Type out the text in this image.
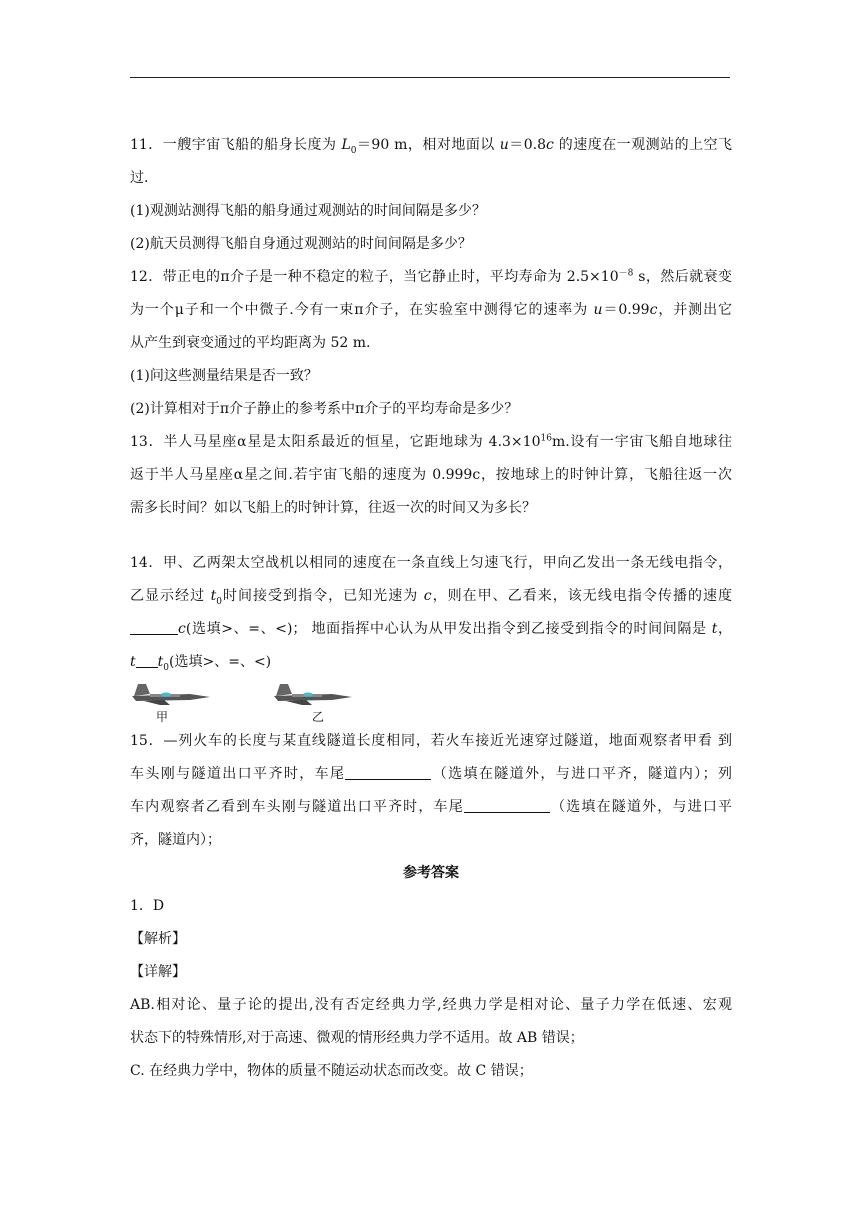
11．一艘宇宙飞船的船身长度为 $L_0=90$ m，相对地面以 u＝0.8c 的速度在一观测站的上空飞
过.
(1)观测站测得飞船的船身通过观测站的时间间隔是多少？
(2)航天员测得飞船自身通过观测站的时间间隔是多少？
12．带正电的π介子是一种不稳定的粒子，当它静止时，平均寿命为 $2.5\times 10^{-8}$ s，然后就衰变
为一个μ子和一个中微子.今有一束π介子，在实验室中测得它的速率为 u＝0.99c，并测出它
从产生到衰变通过的平均距离为 52 m.
(1)问这些测量结果是否一致？
(2)计算相对于π介子静止的参考系中π介子的平均寿命是多少？
13．半人马星座α星是太阳系最近的恒星，它距地球为 $4.3\times 10^{16}m$.设有一宇宙飞船自地球往
返于半人马星座α星之间.若宇宙飞船的速度为 0.999c，按地球上的时钟计算，飞船往返一次
需多长时间？如以飞船上的时钟计算，往返一次的时间又为多长？
14．甲、乙两架太空战机以相同的速度在一条直线上匀速飞行，甲向乙发出一条无线电指令，
乙显示经过 $t_0$时间接受到指令，已知光速为 c，则在甲、乙看来，该无线电指令传播的速度
c(选填>、=、<)； 地面指挥中心认为从甲发出指令到乙接受到指令的时间间隔是 t，
t $t_0$(选填>、=、<)
甲	乙
15．—列火车的长度与某直线隧道长度相同，若火车接近光速穿过隧道，地面观察者甲看 到
车头刚与隧道出口平齐时，车尾	（选填在隧道外，与进口平齐，隧道内）；列
车内观察者乙看到车头刚与隧道出口平齐时，车尾	（选填在隧道外，与进口平
齐，隧道内）；
参考答案
1．D
【解析】
【详解】
AB.相对论、量子论的提出,没有否定经典力学,经典力学是相对论、量子力学在低速、宏观
状态下的特殊情形,对于高速、微观的情形经典力学不适用。故 AB 错误；
C. 在经典力学中，物体的质量不随运动状态而改变。故 C 错误；
